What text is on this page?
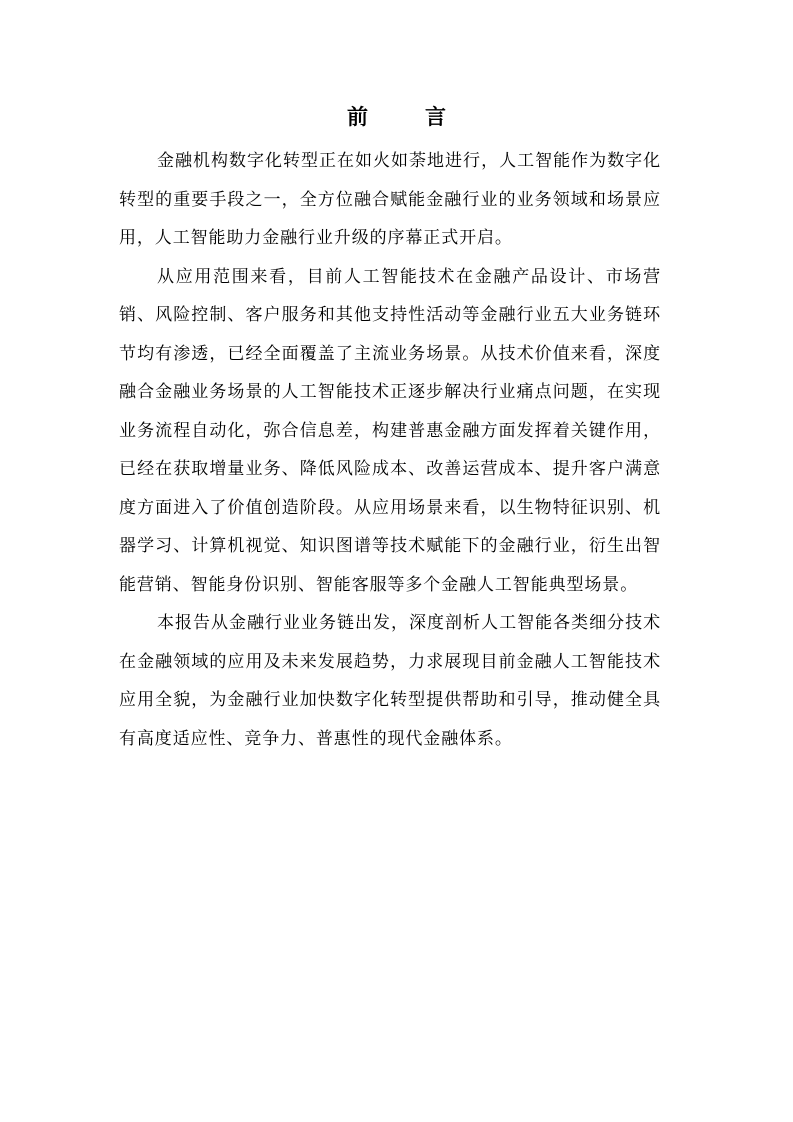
前　言

金融机构数字化转型正在如火如荼地进行，人工智能作为数字化转型的重要手段之一，全方位融合赋能金融行业的业务领域和场景应用，人工智能助力金融行业升级的序幕正式开启。

从应用范围来看，目前人工智能技术在金融产品设计、市场营销、风险控制、客户服务和其他支持性活动等金融行业五大业务链环节均有渗透，已经全面覆盖了主流业务场景。从技术价值来看，深度融合金融业务场景的人工智能技术正逐步解决行业痛点问题，在实现业务流程自动化，弥合信息差，构建普惠金融方面发挥着关键作用，已经在获取增量业务、降低风险成本、改善运营成本、提升客户满意度方面进入了价值创造阶段。从应用场景来看，以生物特征识别、机器学习、计算机视觉、知识图谱等技术赋能下的金融行业，衍生出智能营销、智能身份识别、智能客服等多个金融人工智能典型场景。

本报告从金融行业业务链出发，深度剖析人工智能各类细分技术在金融领域的应用及未来发展趋势，力求展现目前金融人工智能技术应用全貌，为金融行业加快数字化转型提供帮助和引导，推动健全具有高度适应性、竞争力、普惠性的现代金融体系。
